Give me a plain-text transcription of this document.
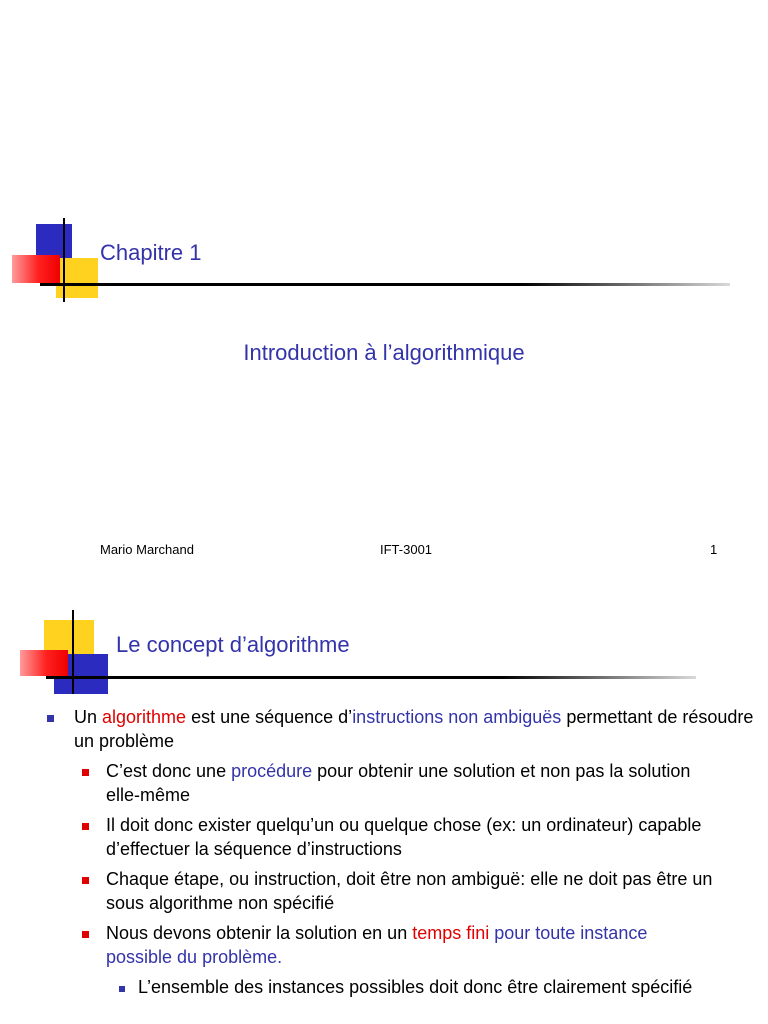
Chapitre 1
Introduction à l’algorithmique
Mario Marchand	IFT-3001	1
Le concept d’algorithme
Un algorithme est une séquence d’instructions non ambiguës permettant de résoudre un problème
C’est donc une procédure pour obtenir une solution et non pas la solution elle-même
Il doit donc exister quelqu’un ou quelque chose (ex: un ordinateur) capable d’effectuer la séquence d’instructions
Chaque étape, ou instruction, doit être non ambiguë: elle ne doit pas être un sous algorithme non spécifié
Nous devons obtenir la solution en un temps fini pour toute instance possible du problème.
L’ensemble des instances possibles doit donc être clairement spécifié
